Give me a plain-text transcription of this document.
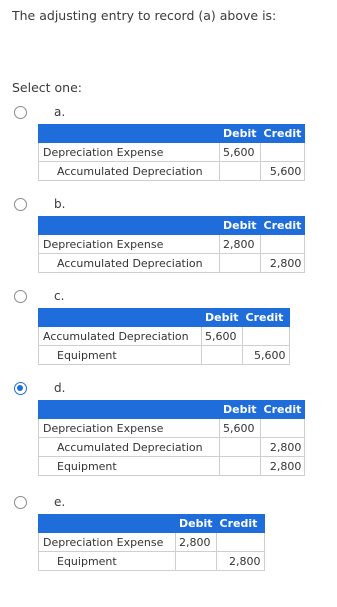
The adjusting entry to record (a) above is:
Select one:
a.
	Debit	Credit
Depreciation Expense	5,600	
Accumulated Depreciation		5,600
b.
	Debit	Credit
Depreciation Expense	2,800	
Accumulated Depreciation		2,800
c.
	Debit	Credit
Accumulated Depreciation	5,600	
Equipment		5,600
d.
	Debit	Credit
Depreciation Expense	5,600	
Accumulated Depreciation		2,800
Equipment		2,800
e.
	Debit	Credit
Depreciation Expense	2,800	
Equipment		2,800
